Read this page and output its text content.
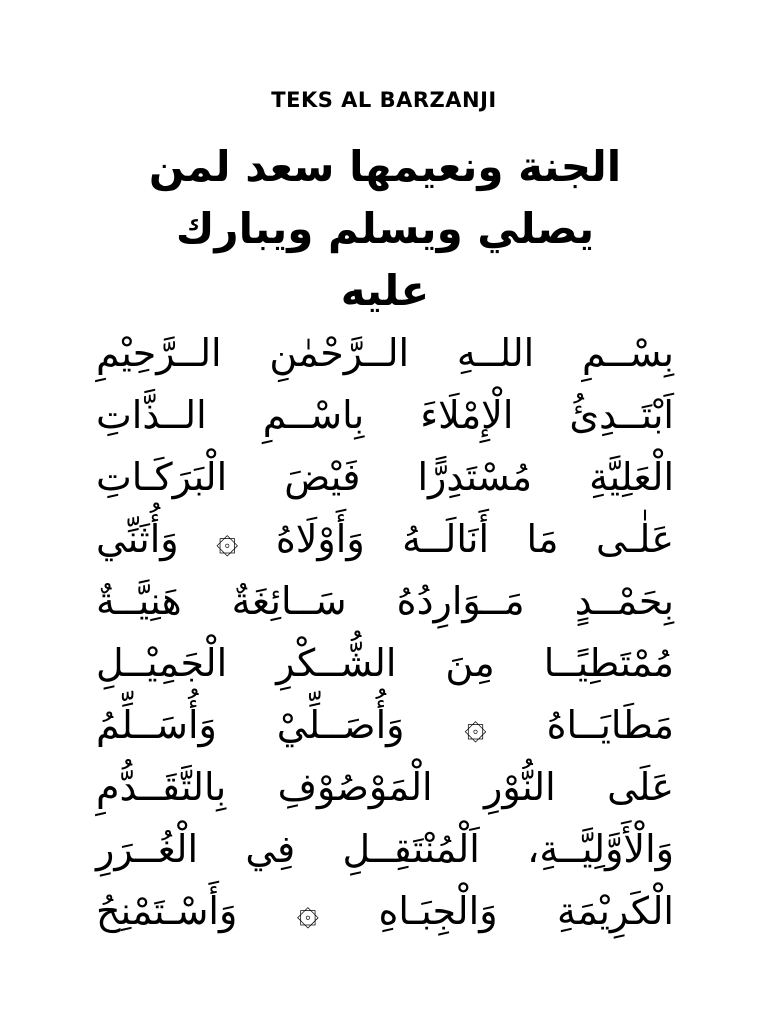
TEKS AL BARZANJI
الجنة ونعيمها سعد لمن
يصلي ويسلم ويبارك
عليه
بِسْــمِ اللــهِ الــرَّحْمٰنِ الــرَّحِيْمِ
اَبْتَــدِئُ الْإِمْلَاءَ بِاسْــمِ الــذَّاتِ
الْعَلِيَّةِ مُسْتَدِرًّا فَيْضَ الْبَرَكَـاتِ
عَلٰـى مَا أَنَالَــهُ وَأَوْلَاهُ ۞ وَأُثَنِّي
بِحَمْــدٍ مَــوَارِدُهُ سَــائِغَةٌ هَنِيَّــةٌ
مُمْتَطِيًــا مِنَ الشُّــكْرِ الْجَمِيْــلِ
مَطَايَــاهُ ۞ وَأُصَــلِّيْ وَأُسَــلِّمُ
عَلَى النُّوْرِ الْمَوْصُوْفِ بِالتَّقَــدُّمِ
وَالْأَوَّلِيَّــةِ، اَلْمُنْتَقِــلِ فِي الْغُــرَرِ
الْكَرِيْمَةِ وَالْجِبَـاهِ ۞ وَأَسْـتَمْنِحُ
